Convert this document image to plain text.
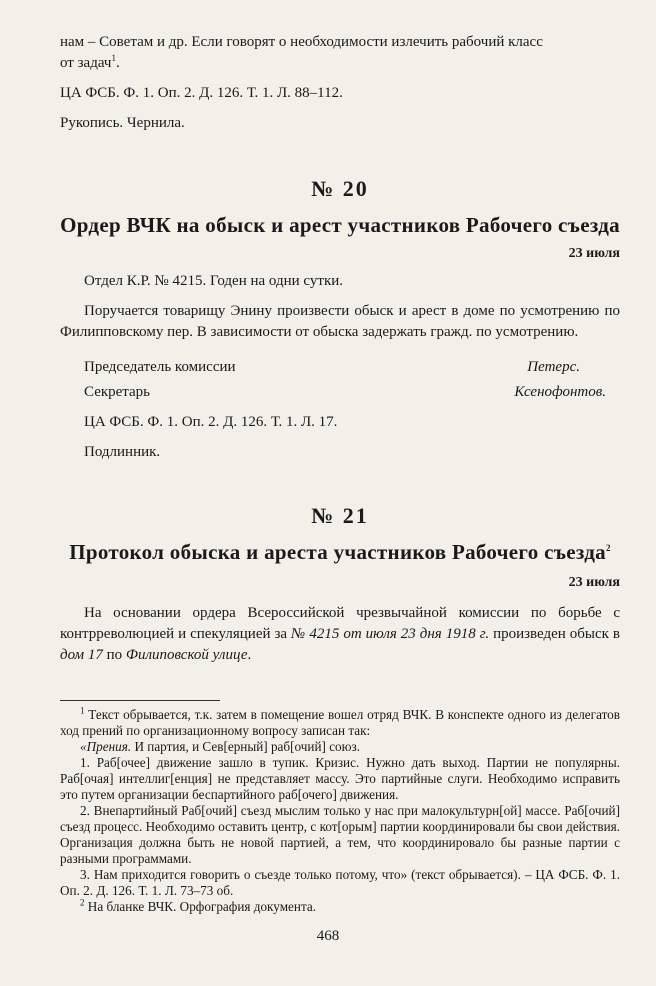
нам – Советам и др. Если говорят о необходимости излечить рабочий класс

от задач$^1$.

ЦА ФСБ. Ф. 1. Оп. 2. Д. 126. Т. 1. Л. 88–112.

Рукопись. Чернила.

№ 20
Ордер ВЧК на обыск и арест участников Рабочего съезда
23 июля

Отдел К.Р. № 4215. Годен на одни сутки.

Поручается товарищу Энину произвести обыск и арест в доме по усмотрению по Филипповскому пер. В зависимости от обыска задержать гражд. по усмотрению.

Председатель комиссии	Петерс.
Секретарь	Ксенофонтов.

ЦА ФСБ. Ф. 1. Оп. 2. Д. 126. Т. 1. Л. 17.

Подлинник.

№ 21
Протокол обыска и ареста участников Рабочего съезда$^2$
23 июля

На основании ордера Всероссийской чрезвычайной комиссии по борьбе с контрреволюцией и спекуляцией за № 4215 от июля 23 дня 1918 г. произведен обыск в дом 17 по Филиповской улице.

$^1$ Текст обрывается, т.к. затем в помещение вошел отряд ВЧК. В конспекте одного из делегатов ход прений по организационному вопросу записан так:

«Прения. И партия, и Сев[ерный] раб[очий] союз.

1. Раб[очее] движение зашло в тупик. Кризис. Нужно дать выход. Партии не популярны. Раб[очая] интеллиг[енция] не представляет массу. Это партийные слуги. Необходимо исправить это путем организации беспартийного раб[очего] движения.

2. Внепартийный Раб[очий] съезд мыслим только у нас при малокультурн[ой] массе. Раб[очий] съезд процесс. Необходимо оставить центр, с кот[орым] партии координировали бы свои действия. Организация должна быть не новой партией, а тем, что координировало бы разные партии с разными программами.

3. Нам приходится говорить о съезде только потому, что» (текст обрывается). – ЦА ФСБ. Ф. 1. Оп. 2. Д. 126. Т. 1. Л. 73–73 об.

$^2$ На бланке ВЧК. Орфография документа.

468
